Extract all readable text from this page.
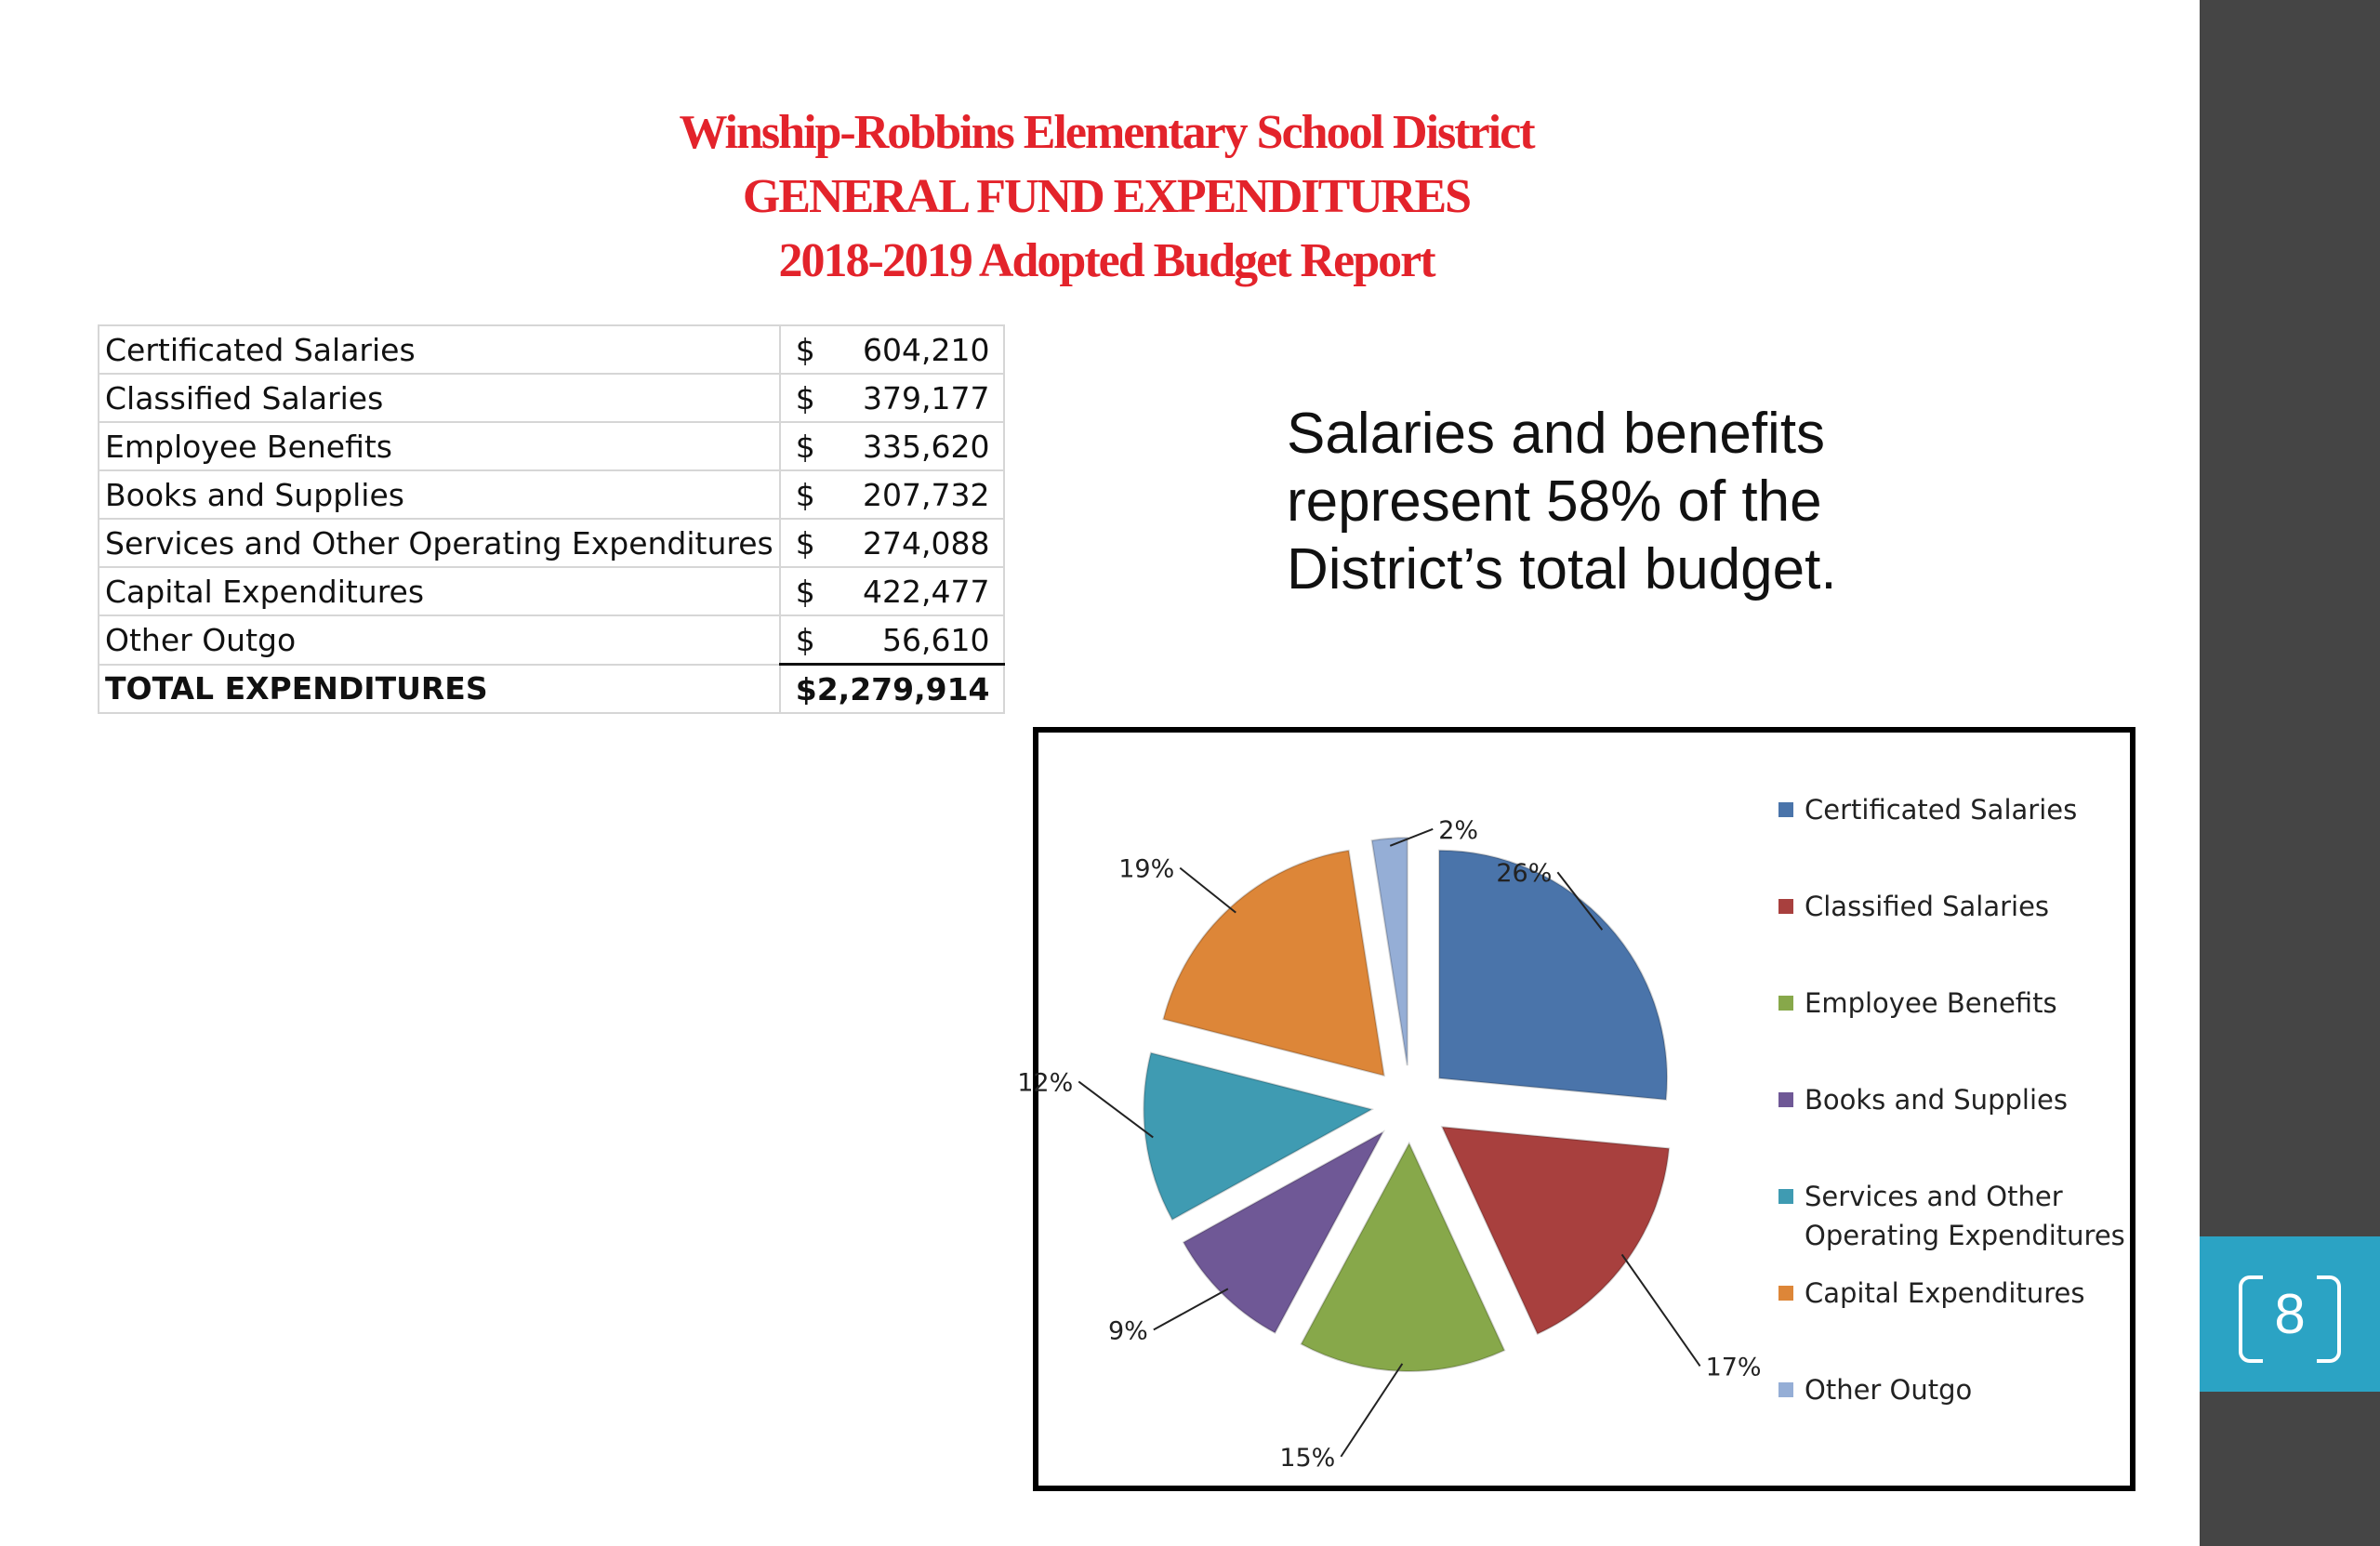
Winship-Robbins Elementary School District
GENERAL FUND EXPENDITURES
2018-2019 Adopted Budget Report
Certificated Salaries	$ 604,210

Classified Salaries	$ 379,177

Employee Benefits	$ 335,620

Books and Supplies	$ 207,732

Services and Other Operating Expenditures	$ 274,088

Capital Expenditures	$ 422,477

Other Outgo	$ 56,610

TOTAL EXPENDITURES	$2,279,914
Salaries and benefits represent 58% of the District’s total budget.
26%
17%
15%
9%
12%
19%
2%
Certificated Salaries
Classified Salaries
Employee Benefits
Books and Supplies
Services and Other Operating Expenditures
Capital Expenditures
Other Outgo
8
